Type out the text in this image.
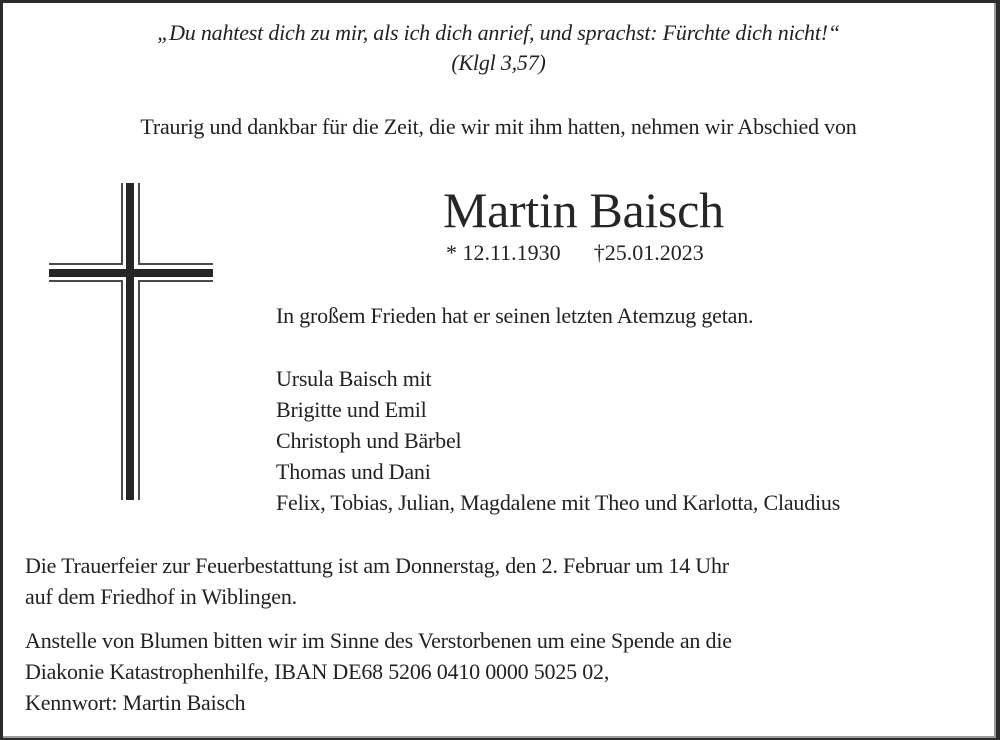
„Du nahtest dich zu mir, als ich dich anrief, und sprachst: Fürchte dich nicht!“
(Klgl 3,57)
Traurig und dankbar für die Zeit, die wir mit ihm hatten, nehmen wir Abschied von
Martin Baisch
* 12.11.1930 †25.01.2023
In großem Frieden hat er seinen letzten Atemzug getan.
Ursula Baisch mit
Brigitte und Emil
Christoph und Bärbel
Thomas und Dani
Felix, Tobias, Julian, Magdalene mit Theo und Karlotta, Claudius
Die Trauerfeier zur Feuerbestattung ist am Donnerstag, den 2. Februar um 14 Uhr
auf dem Friedhof in Wiblingen.
Anstelle von Blumen bitten wir im Sinne des Verstorbenen um eine Spende an die
Diakonie Katastrophenhilfe, IBAN DE68 5206 0410 0000 5025 02,
Kennwort: Martin Baisch
